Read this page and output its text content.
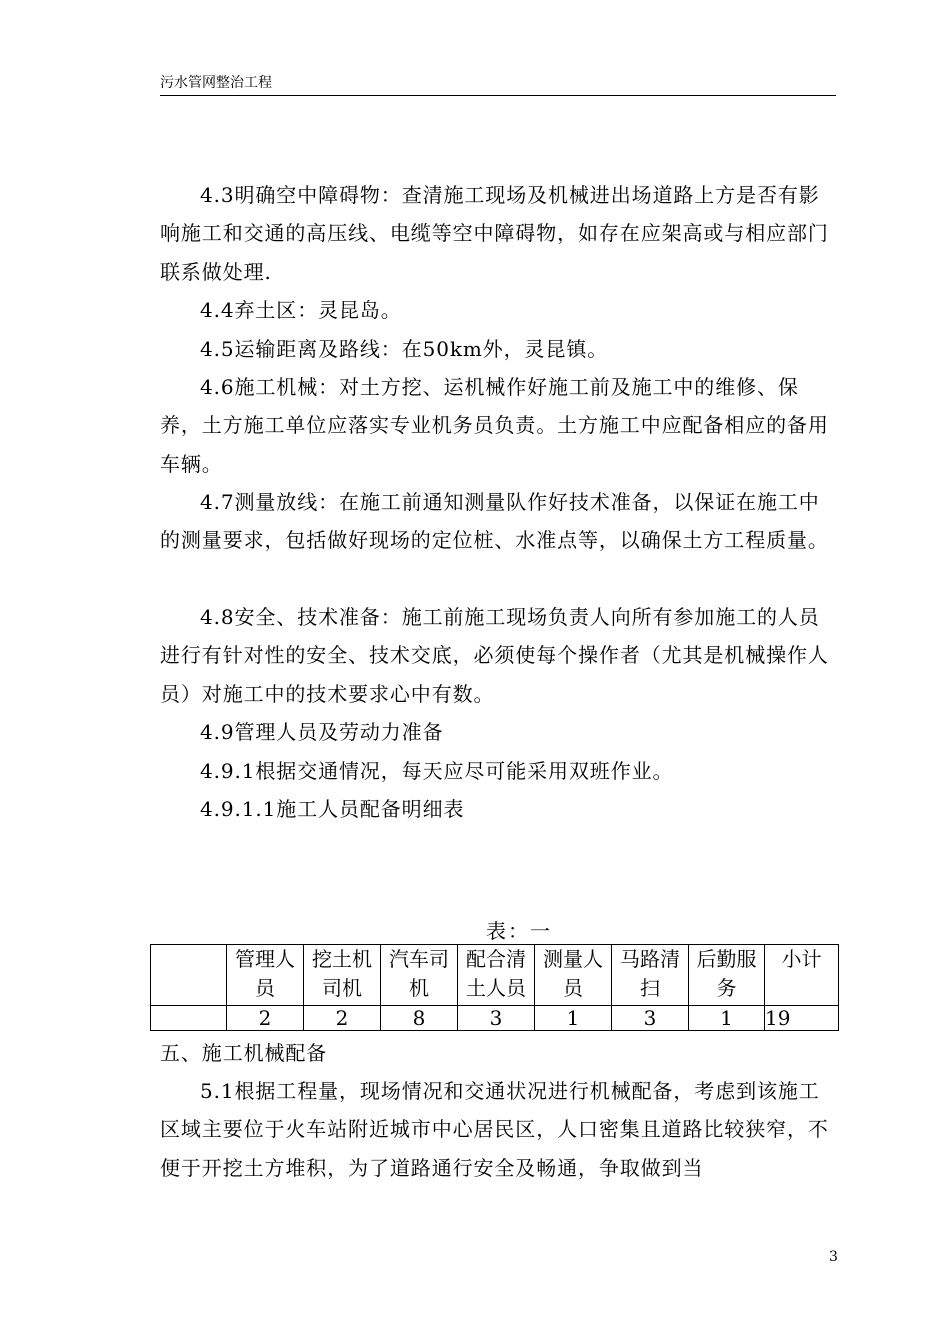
污水管网整治工程

4.3明确空中障碍物：查清施工现场及机械进出场道路上方是否有影响施工和交通的高压线、电缆等空中障碍物，如存在应架高或与相应部门联系做处理.

4.4弃土区：灵昆岛。

4.5运输距离及路线：在50km外，灵昆镇。

4.6施工机械：对土方挖、运机械作好施工前及施工中的维修、保养，土方施工单位应落实专业机务员负责。土方施工中应配备相应的备用车辆。

4.7测量放线：在施工前通知测量队作好技术准备，以保证在施工中的测量要求，包括做好现场的定位桩、水准点等，以确保土方工程质量。

4.8安全、技术准备：施工前施工现场负责人向所有参加施工的人员进行有针对性的安全、技术交底，必须使每个操作者（尤其是机械操作人员）对施工中的技术要求心中有数。

4.9管理人员及劳动力准备

4.9.1根据交通情况，每天应尽可能采用双班作业。

4.9.1.1施工人员配备明细表

表：一
	管理人员	挖土机司机	汽车司机	配合清土人员	测量人员	马路清扫	后勤服务	小计
	2	2	8	3	1	3	1	19

五、施工机械配备

5.1根据工程量，现场情况和交通状况进行机械配备，考虑到该施工区域主要位于火车站附近城市中心居民区，人口密集且道路比较狭窄，不便于开挖土方堆积，为了道路通行安全及畅通，争取做到当

3
